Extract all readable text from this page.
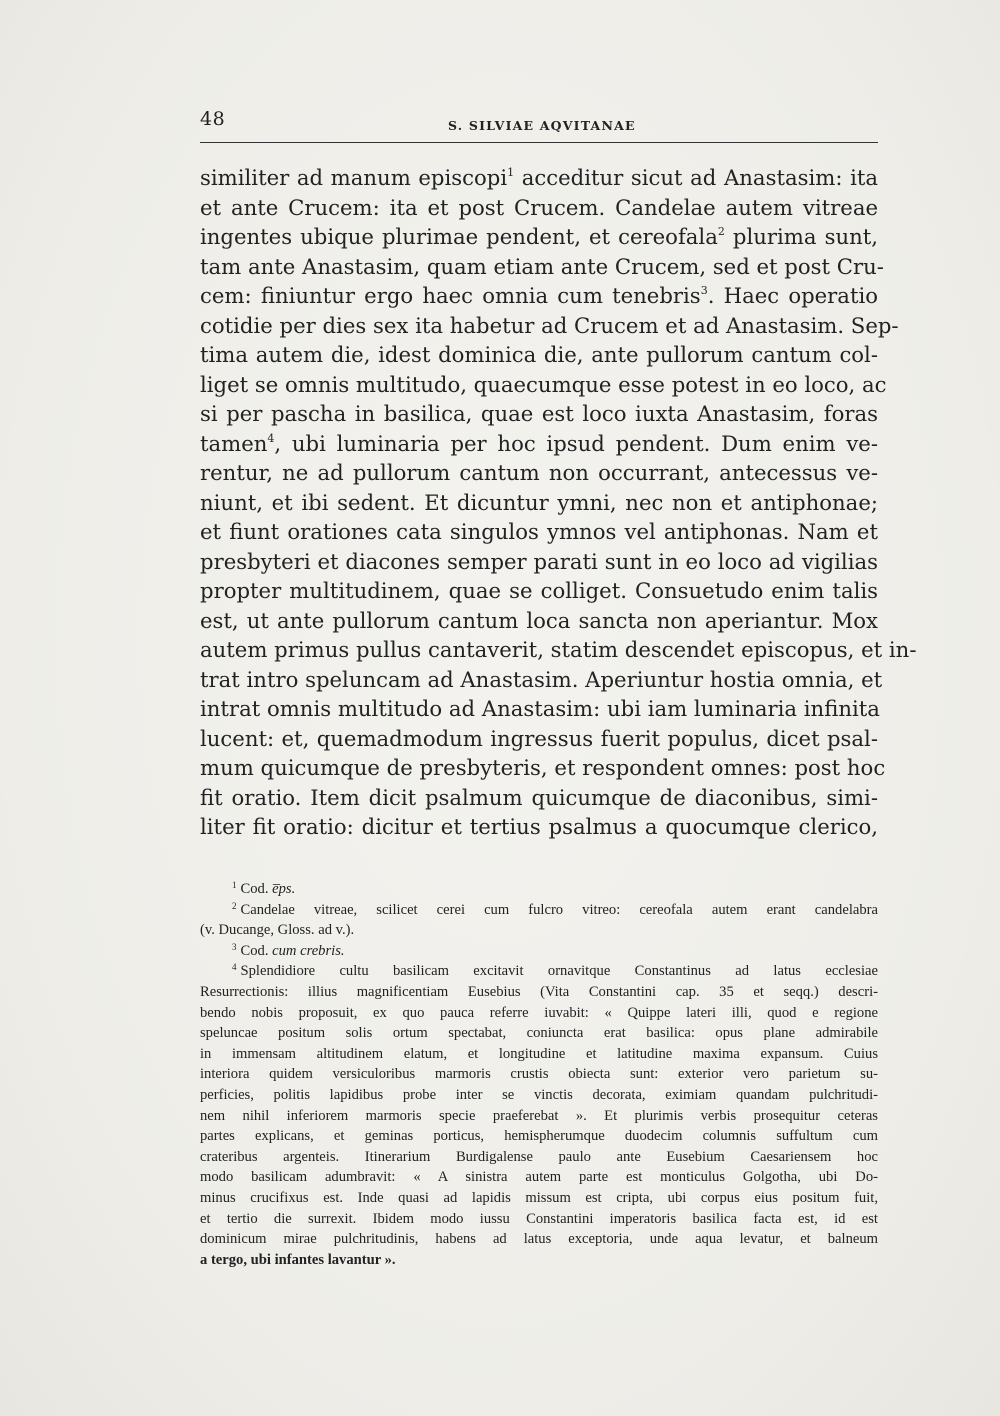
48	S. SILVIAE AQVITANAE
similiter ad manum episcopi$^1$ acceditur sicut ad Anastasim: ita
et ante Crucem: ita et post Crucem. Candelae autem vitreae
ingentes ubique plurimae pendent, et cereofala$^2$ plurima sunt,
tam ante Anastasim, quam etiam ante Crucem, sed et post Cru-
cem: finiuntur ergo haec omnia cum tenebris$^3$. Haec operatio
cotidie per dies sex ita habetur ad Crucem et ad Anastasim. Sep-
tima autem die, idest dominica die, ante pullorum cantum col-
liget se omnis multitudo, quaecumque esse potest in eo loco, ac
si per pascha in basilica, quae est loco iuxta Anastasim, foras
tamen$^4$, ubi luminaria per hoc ipsud pendent. Dum enim ve-
rentur, ne ad pullorum cantum non occurrant, antecessus ve-
niunt, et ibi sedent. Et dicuntur ymni, nec non et antiphonae;
et fiunt orationes cata singulos ymnos vel antiphonas. Nam et
presbyteri et diacones semper parati sunt in eo loco ad vigilias
propter multitudinem, quae se colliget. Consuetudo enim talis
est, ut ante pullorum cantum loca sancta non aperiantur. Mox
autem primus pullus cantaverit, statim descendet episcopus, et in-
trat intro speluncam ad Anastasim. Aperiuntur hostia omnia, et
intrat omnis multitudo ad Anastasim: ubi iam luminaria infinita
lucent: et, quemadmodum ingressus fuerit populus, dicet psal-
mum quicumque de presbyteris, et respondent omnes: post hoc
fit oratio. Item dicit psalmum quicumque de diaconibus, simi-
liter fit oratio: dicitur et tertius psalmus a quocumque clerico,
$^1$ Cod. e̅ps.
$^2$ Candelae vitreae, scilicet cerei cum fulcro vitreo: cereofala autem erant candelabra
(v. Ducange, Gloss. ad v.).
$^3$ Cod. cum crebris.
$^4$ Splendidiore cultu basilicam excitavit ornavitque Constantinus ad latus ecclesiae
Resurrectionis: illius magnificentiam Eusebius (Vita Constantini cap. 35 et seqq.) descri-
bendo nobis proposuit, ex quo pauca referre iuvabit: « Quippe lateri illi, quod e regione
speluncae positum solis ortum spectabat, coniuncta erat basilica: opus plane admirabile
in immensam altitudinem elatum, et longitudine et latitudine maxima expansum. Cuius
interiora quidem versiculoribus marmoris crustis obiecta sunt: exterior vero parietum su-
perficies, politis lapidibus probe inter se vinctis decorata, eximiam quandam pulchritudi-
nem nihil inferiorem marmoris specie praeferebat ». Et plurimis verbis prosequitur ceteras
partes explicans, et geminas porticus, hemispherumque duodecim columnis suffultum cum
crateribus argenteis. Itinerarium Burdigalense paulo ante Eusebium Caesariensem hoc
modo basilicam adumbravit: « A sinistra autem parte est monticulus Golgotha, ubi Do-
minus crucifixus est. Inde quasi ad lapidis missum est cripta, ubi corpus eius positum fuit,
et tertio die surrexit. Ibidem modo iussu Constantini imperatoris basilica facta est, id est
dominicum mirae pulchritudinis, habens ad latus exceptoria, unde aqua levatur, et balneum
a tergo, ubi infantes lavantur ».
